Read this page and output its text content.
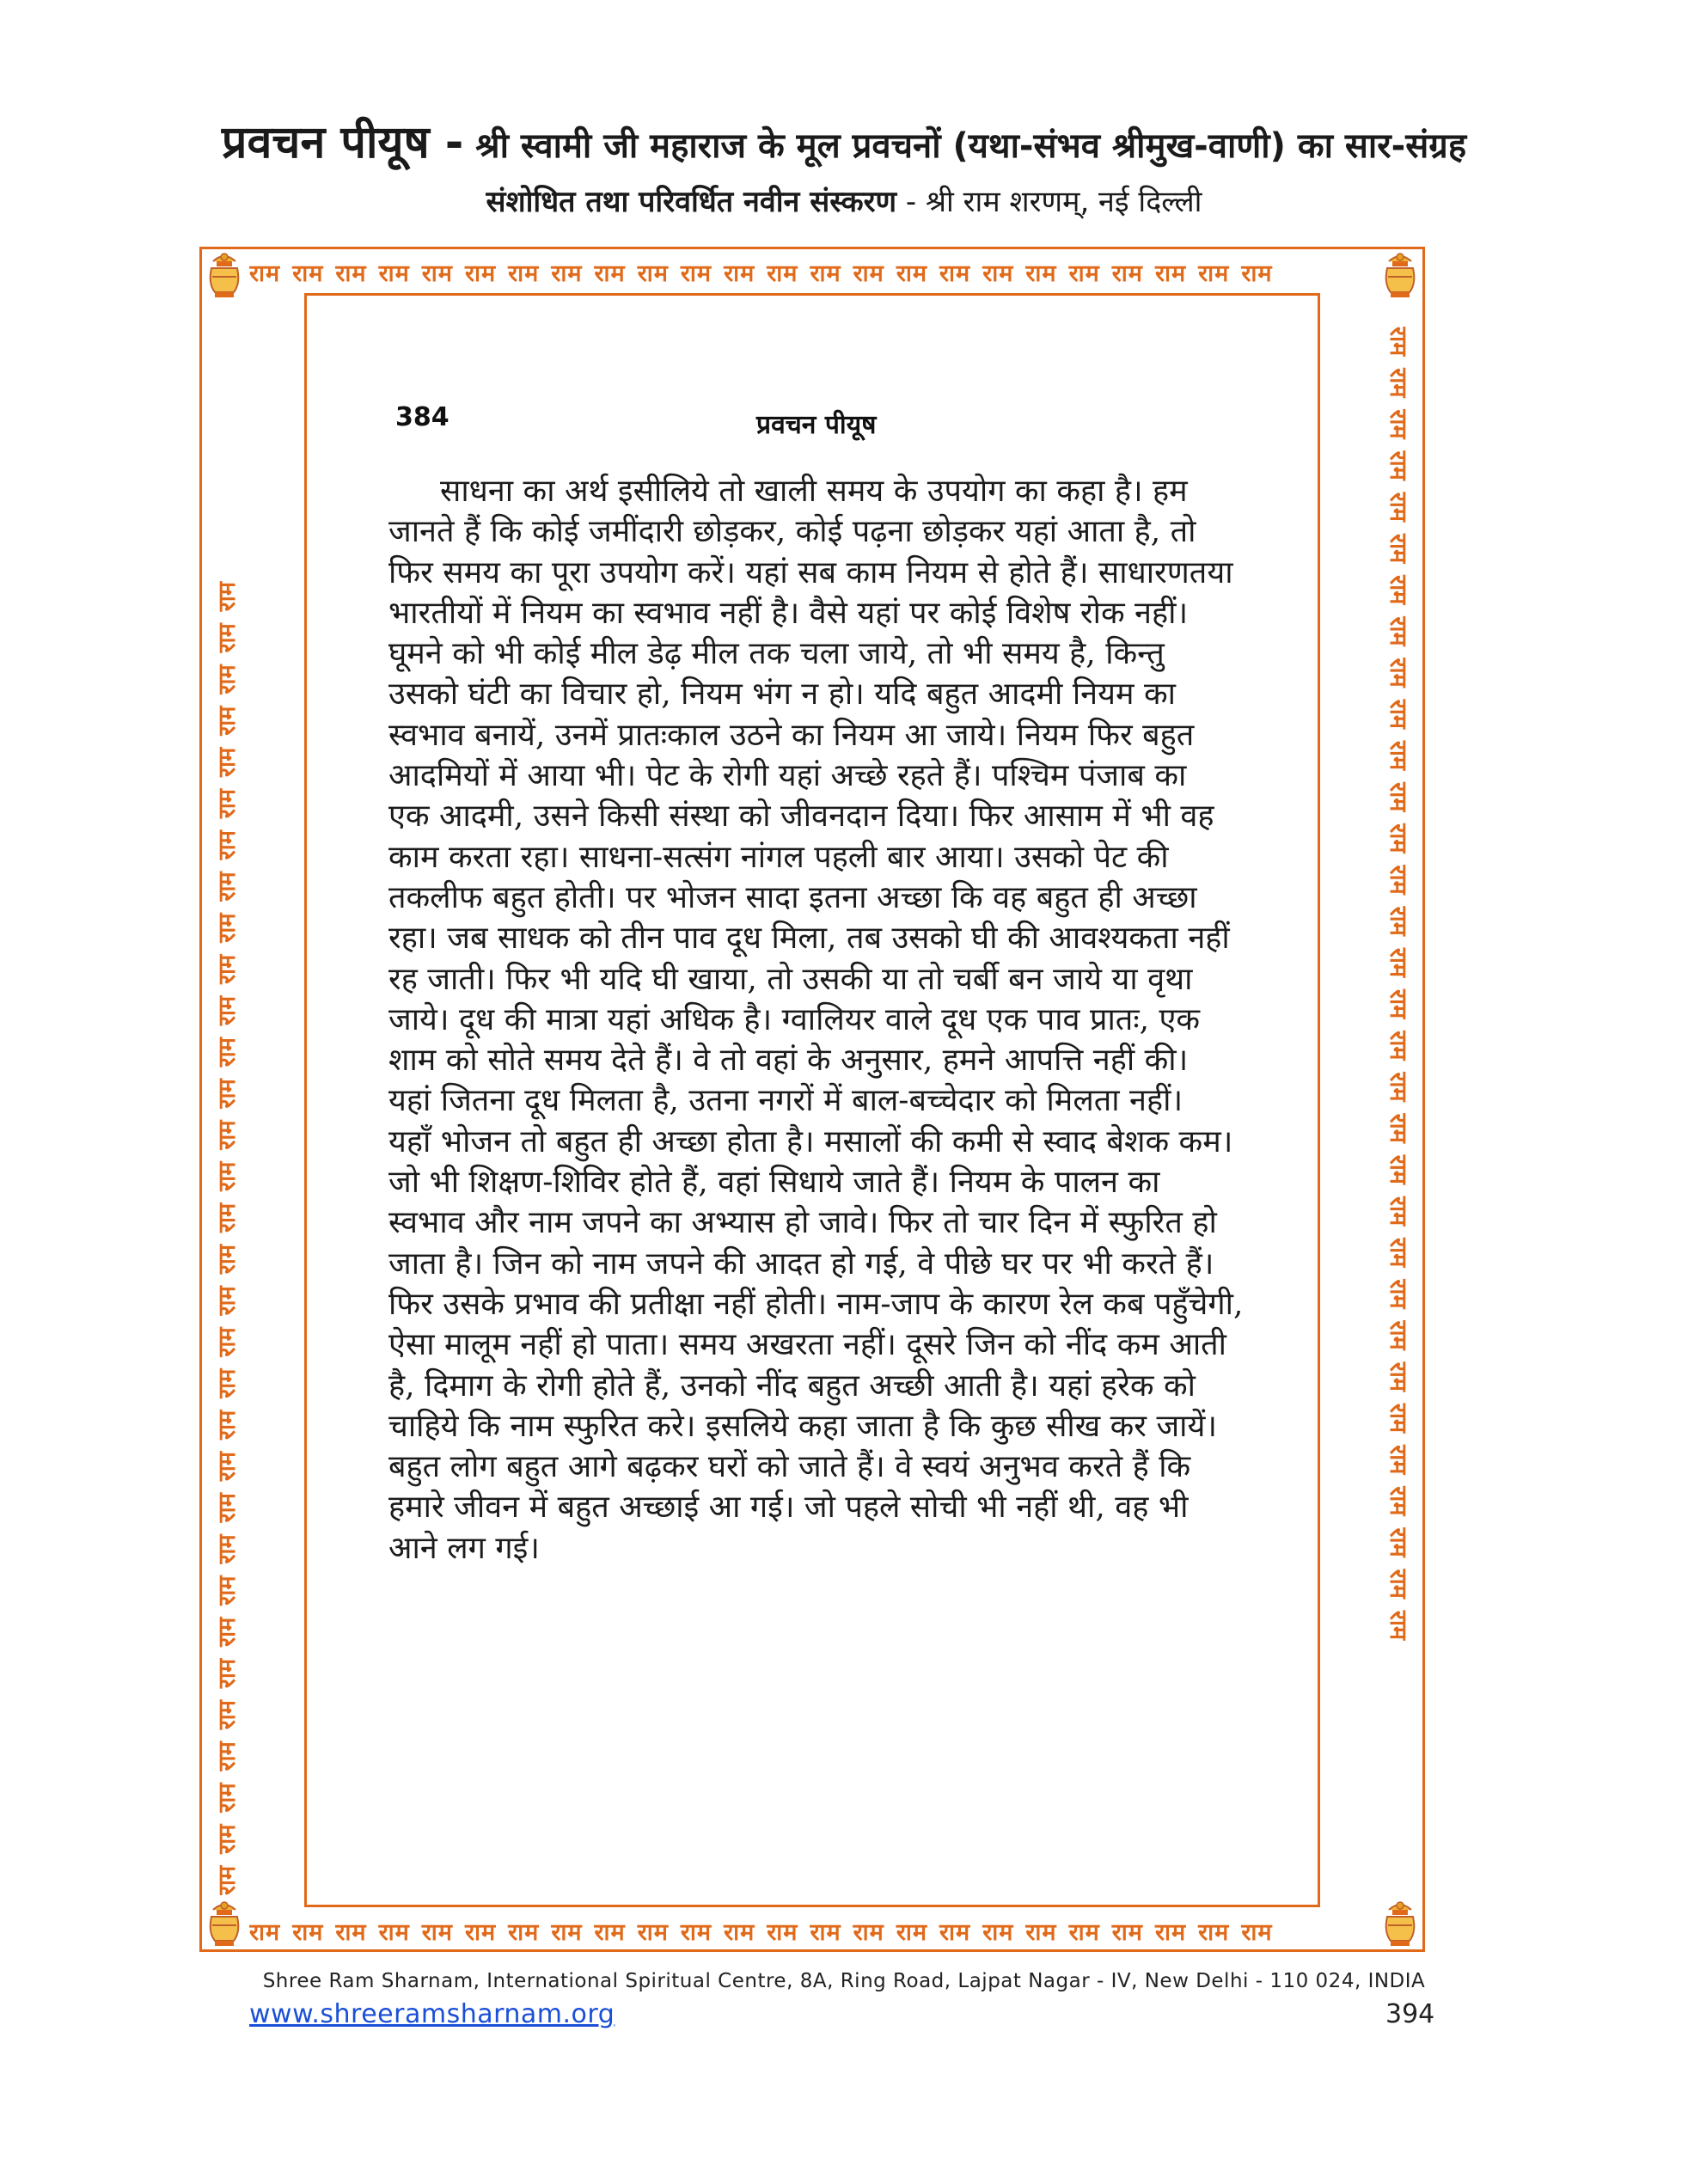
प्रवचन पीयूष - श्री स्वामी जी महाराज के मूल प्रवचनों (यथा-संभव श्रीमुख-वाणी) का सार-संग्रह
संशोधित तथा परिवर्धित नवीन संस्करण - श्री राम शरणम्, नई दिल्ली
राम राम राम राम राम राम राम राम राम राम राम राम राम राम राम राम राम राम राम राम राम राम राम राम
राम राम राम राम राम राम राम राम राम राम राम राम राम राम राम राम राम राम राम राम राम राम राम राम
राम
राम
राम
राम
राम
राम
राम
राम
राम
राम
राम
राम
राम
राम
राम
राम
राम
राम
राम
राम
राम
राम
राम
राम
राम
राम
राम
राम
राम
राम
राम
राम
राम
राम
राम
राम
राम
राम
राम
राम
राम
राम
राम
राम
राम
राम
राम
राम
राम
राम
राम
राम
राम
राम
राम
राम
राम
राम
राम
राम
राम
राम
राम
राम
384	प्रवचन पीयूष
साधना का अर्थ इसीलिये तो खाली समय के उपयोग का कहा है। हम
जानते हैं कि कोई जमींदारी छोड़कर, कोई पढ़ना छोड़कर यहां आता है, तो
फिर समय का पूरा उपयोग करें। यहां सब काम नियम से होते हैं। साधारणतया
भारतीयों में नियम का स्वभाव नहीं है। वैसे यहां पर कोई विशेष रोक नहीं।
घूमने को भी कोई मील डेढ़ मील तक चला जाये, तो भी समय है, किन्तु
उसको घंटी का विचार हो, नियम भंग न हो। यदि बहुत आदमी नियम का
स्वभाव बनायें, उनमें प्रातःकाल उठने का नियम आ जाये। नियम फिर बहुत
आदमियों में आया भी। पेट के रोगी यहां अच्छे रहते हैं। पश्चिम पंजाब का
एक आदमी, उसने किसी संस्था को जीवनदान दिया। फिर आसाम में भी वह
काम करता रहा। साधना-सत्संग नांगल पहली बार आया। उसको पेट की
तकलीफ बहुत होती। पर भोजन सादा इतना अच्छा कि वह बहुत ही अच्छा
रहा। जब साधक को तीन पाव दूध मिला, तब उसको घी की आवश्यकता नहीं
रह जाती। फिर भी यदि घी खाया, तो उसकी या तो चर्बी बन जाये या वृथा
जाये। दूध की मात्रा यहां अधिक है। ग्वालियर वाले दूध एक पाव प्रातः, एक
शाम को सोते समय देते हैं। वे तो वहां के अनुसार, हमने आपत्ति नहीं की।
यहां जितना दूध मिलता है, उतना नगरों में बाल-बच्चेदार को मिलता नहीं।
यहाँ भोजन तो बहुत ही अच्छा होता है। मसालों की कमी से स्वाद बेशक कम।
जो भी शिक्षण-शिविर होते हैं, वहां सिधाये जाते हैं। नियम के पालन का
स्वभाव और नाम जपने का अभ्यास हो जावे। फिर तो चार दिन में स्फुरित हो
जाता है। जिन को नाम जपने की आदत हो गई, वे पीछे घर पर भी करते हैं।
फिर उसके प्रभाव की प्रतीक्षा नहीं होती। नाम-जाप के कारण रेल कब पहुँचेगी,
ऐसा मालूम नहीं हो पाता। समय अखरता नहीं। दूसरे जिन को नींद कम आती
है, दिमाग के रोगी होते हैं, उनको नींद बहुत अच्छी आती है। यहां हरेक को
चाहिये कि नाम स्फुरित करे। इसलिये कहा जाता है कि कुछ सीख कर जायें।
बहुत लोग बहुत आगे बढ़कर घरों को जाते हैं। वे स्वयं अनुभव करते हैं कि
हमारे जीवन में बहुत अच्छाई आ गई। जो पहले सोची भी नहीं थी, वह भी
आने लग गई।
Shree Ram Sharnam, International Spiritual Centre, 8A, Ring Road, Lajpat Nagar - IV, New Delhi - 110 024, INDIA
www.shreeramsharnam.org	394
